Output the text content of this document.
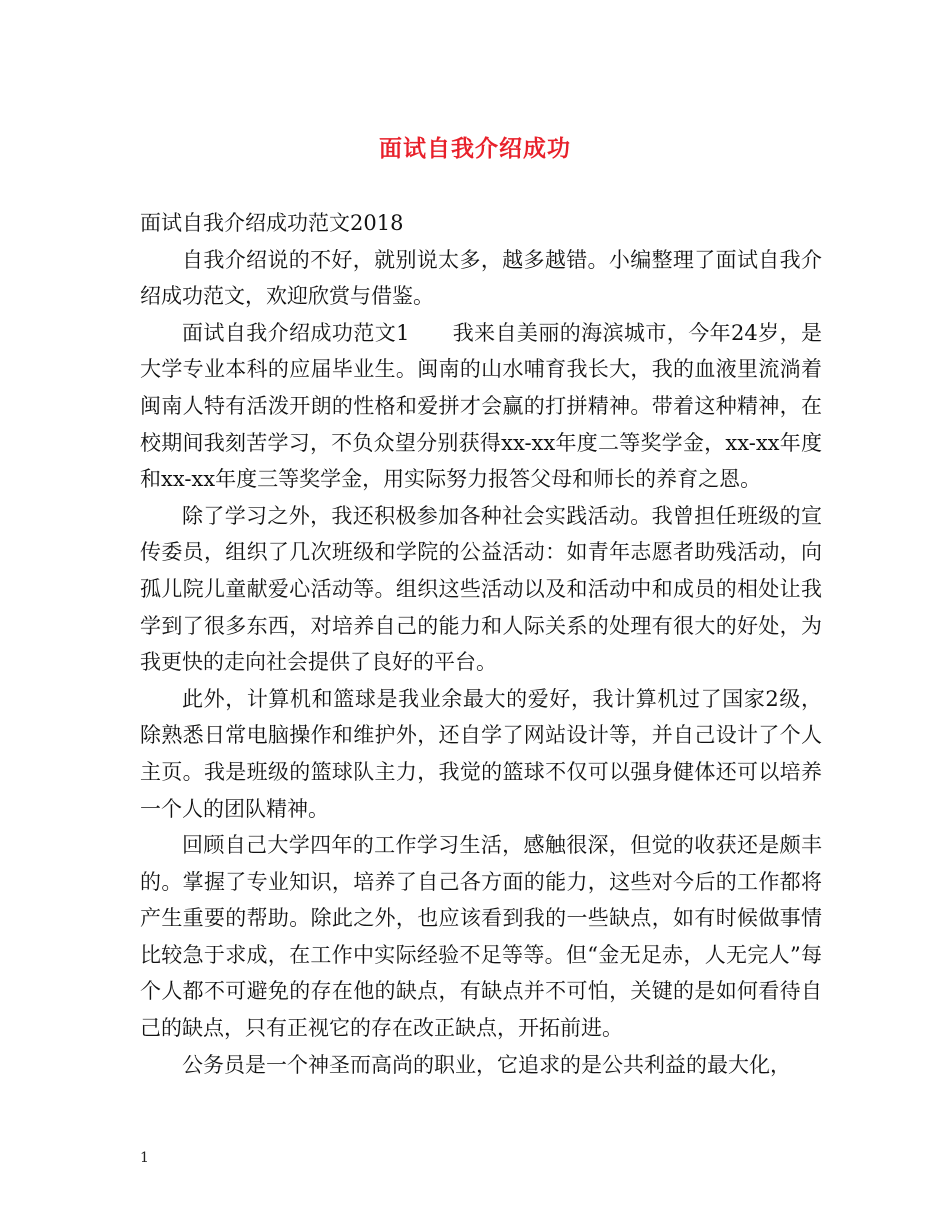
面试自我介绍成功

面试自我介绍成功范文2018

自我介绍说的不好，就别说太多，越多越错。小编整理了面试自我介绍成功范文，欢迎欣赏与借鉴。

面试自我介绍成功范文1　　我来自美丽的海滨城市，今年24岁，是大学专业本科的应届毕业生。闽南的山水哺育我长大，我的血液里流淌着闽南人特有活泼开朗的性格和爱拼才会赢的打拼精神。带着这种精神，在校期间我刻苦学习，不负众望分别获得xx-xx年度二等奖学金，xx-xx年度和xx-xx年度三等奖学金，用实际努力报答父母和师长的养育之恩。

除了学习之外，我还积极参加各种社会实践活动。我曾担任班级的宣传委员，组织了几次班级和学院的公益活动：如青年志愿者助残活动，向孤儿院儿童献爱心活动等。组织这些活动以及和活动中和成员的相处让我学到了很多东西，对培养自己的能力和人际关系的处理有很大的好处，为我更快的走向社会提供了良好的平台。

此外，计算机和篮球是我业余最大的爱好，我计算机过了国家2级，除熟悉日常电脑操作和维护外，还自学了网站设计等，并自己设计了个人主页。我是班级的篮球队主力，我觉的篮球不仅可以强身健体还可以培养一个人的团队精神。

回顾自己大学四年的工作学习生活，感触很深，但觉的收获还是颇丰的。掌握了专业知识，培养了自己各方面的能力，这些对今后的工作都将产生重要的帮助。除此之外，也应该看到我的一些缺点，如有时候做事情比较急于求成，在工作中实际经验不足等等。但“金无足赤，人无完人”每个人都不可避免的存在他的缺点，有缺点并不可怕，关键的是如何看待自己的缺点，只有正视它的存在改正缺点，开拓前进。

公务员是一个神圣而高尚的职业，它追求的是公共利益的最大化，

1
